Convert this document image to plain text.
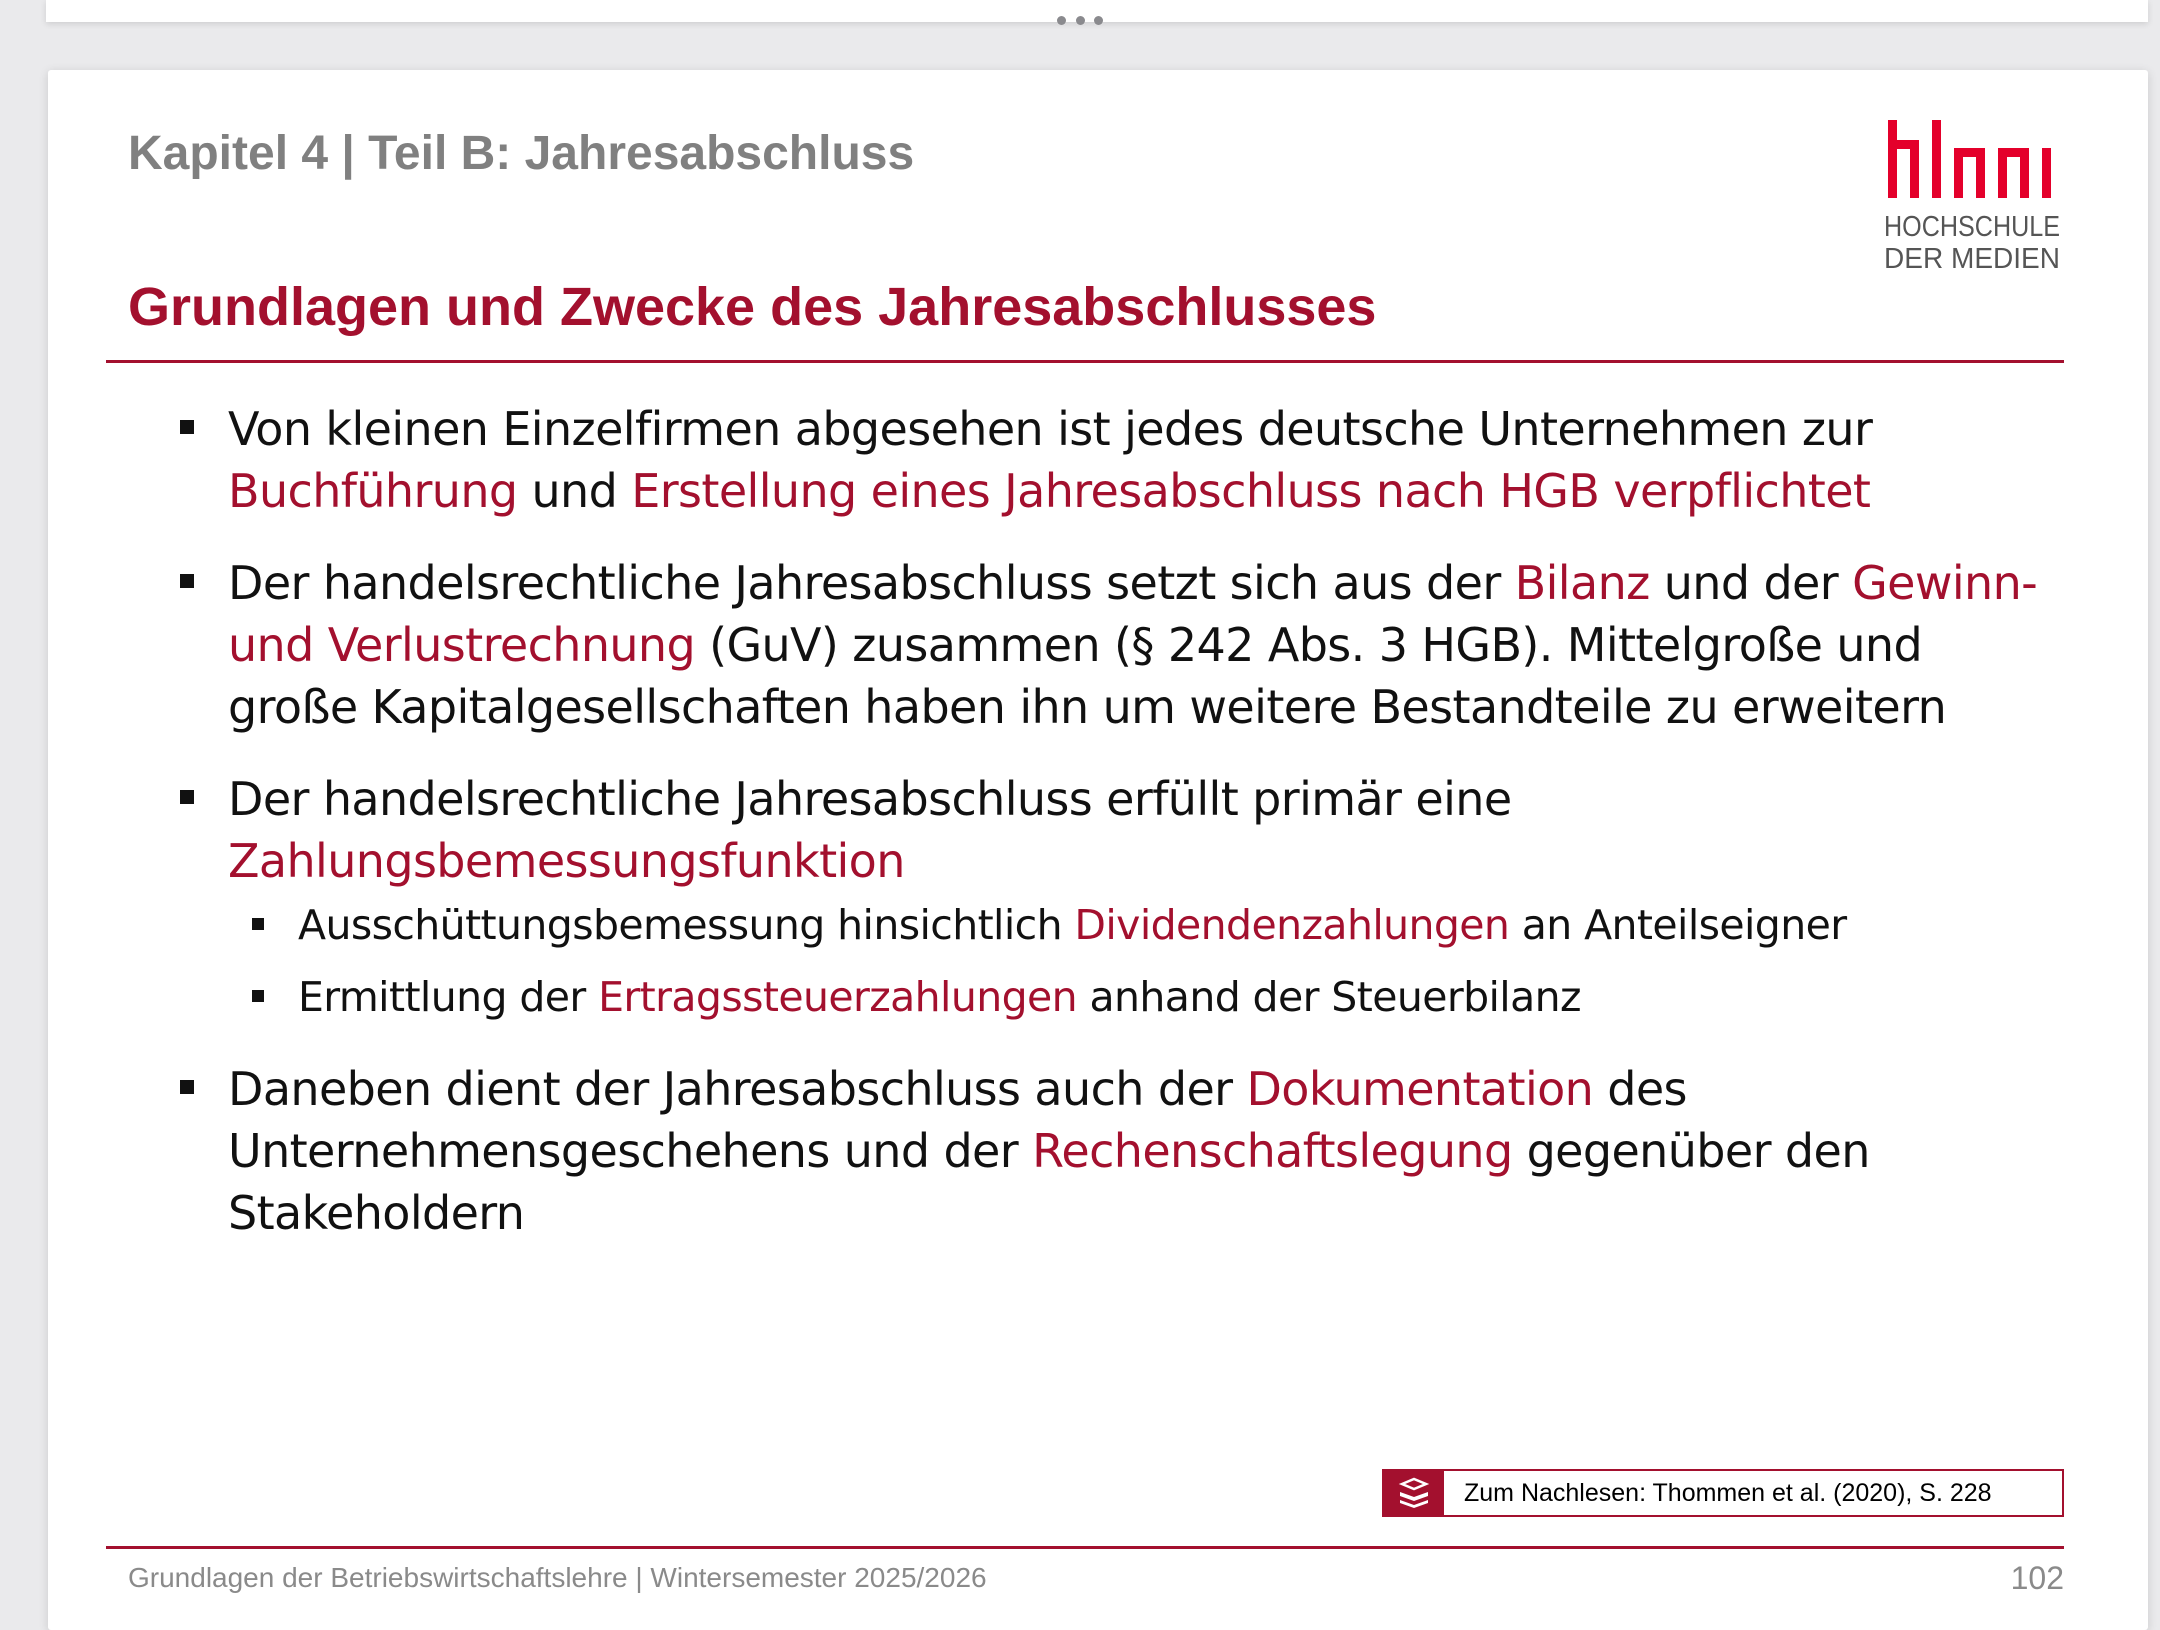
Kapitel 4 | Teil B: Jahresabschluss
HOCHSCHULE
DER MEDIEN
Grundlagen und Zwecke des Jahresabschlusses
Von kleinen Einzelfirmen abgesehen ist jedes deutsche Unternehmen zur Buchführung und Erstellung eines Jahresabschluss nach HGB verpflichtet
Der handelsrechtliche Jahresabschluss setzt sich aus der Bilanz und der Gewinn- und Verlustrechnung (GuV) zusammen (§ 242 Abs. 3 HGB). Mittelgroße und große Kapitalgesellschaften haben ihn um weitere Bestandteile zu erweitern
Der handelsrechtliche Jahresabschluss erfüllt primär eine Zahlungsbemessungsfunktion
Ausschüttungsbemessung hinsichtlich Dividendenzahlungen an Anteilseigner
Ermittlung der Ertragssteuerzahlungen anhand der Steuerbilanz
Daneben dient der Jahresabschluss auch der Dokumentation des Unternehmensgeschehens und der Rechenschaftslegung gegenüber den Stakeholdern
Zum Nachlesen: Thommen et al. (2020), S. 228
Grundlagen der Betriebswirtschaftslehre | Wintersemester 2025/2026	102
